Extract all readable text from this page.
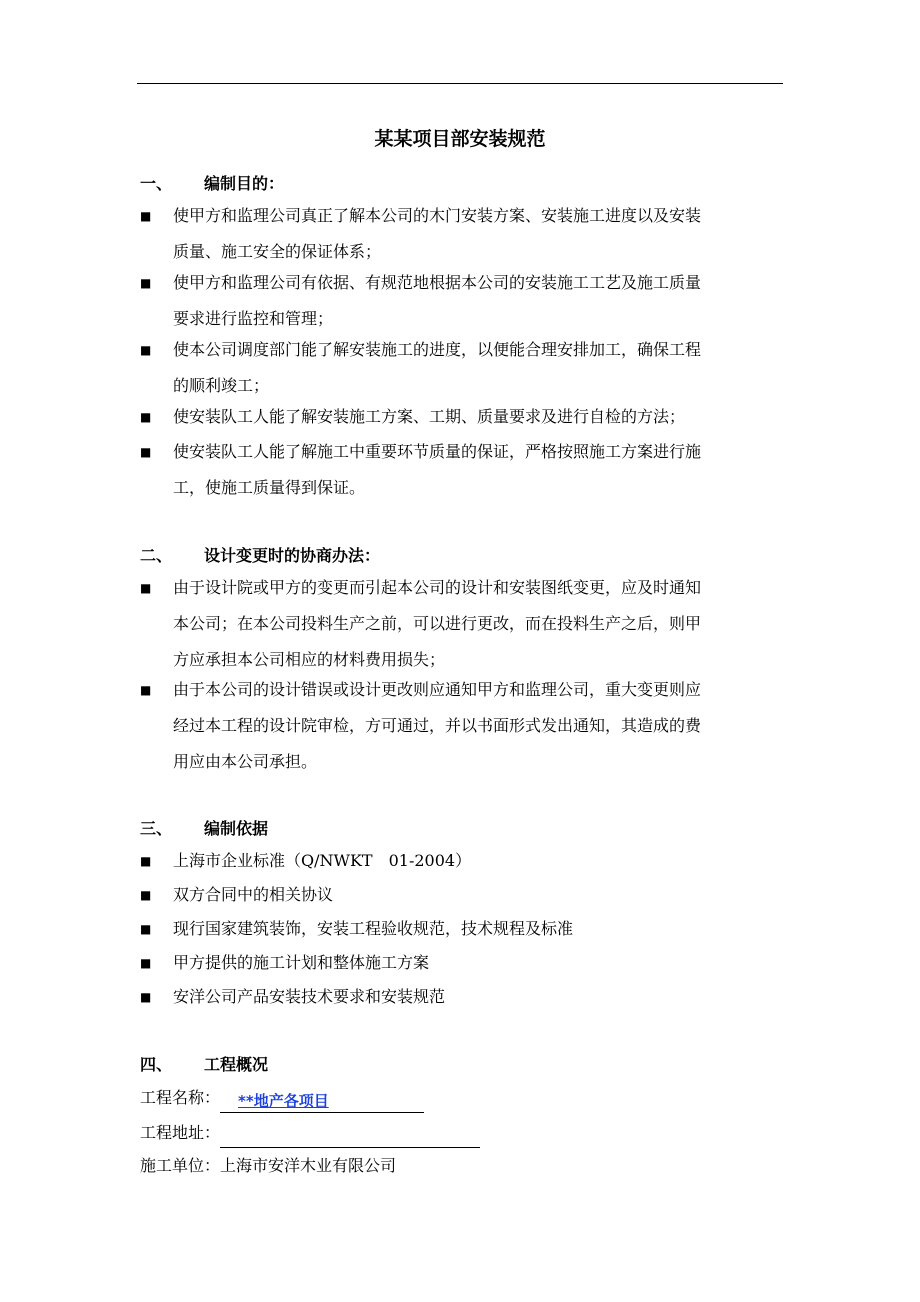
某某项目部安装规范
一、 编制目的：
■ 使甲方和监理公司真正了解本公司的木门安装方案、安装施工进度以及安装
质量、施工安全的保证体系；
■ 使甲方和监理公司有依据、有规范地根据本公司的安装施工工艺及施工质量
要求进行监控和管理；
■ 使本公司调度部门能了解安装施工的进度，以便能合理安排加工，确保工程
的顺利竣工；
■ 使安装队工人能了解安装施工方案、工期、质量要求及进行自检的方法；
■ 使安装队工人能了解施工中重要环节质量的保证，严格按照施工方案进行施
工，使施工质量得到保证。
二、 设计变更时的协商办法：
■ 由于设计院或甲方的变更而引起本公司的设计和安装图纸变更，应及时通知
本公司；在本公司投料生产之前，可以进行更改，而在投料生产之后，则甲
方应承担本公司相应的材料费用损失；
■ 由于本公司的设计错误或设计更改则应通知甲方和监理公司，重大变更则应
经过本工程的设计院审检，方可通过，并以书面形式发出通知，其造成的费
用应由本公司承担。
三、 编制依据
■ 上海市企业标准（Q/NWKT　01-2004）
■ 双方合同中的相关协议
■ 现行国家建筑装饰，安装工程验收规范，技术规程及标准
■ 甲方提供的施工计划和整体施工方案
■ 安洋公司产品安装技术要求和安装规范
四、 工程概况
工程名称： **地产各项目
工程地址：
施工单位：上海市安洋木业有限公司
